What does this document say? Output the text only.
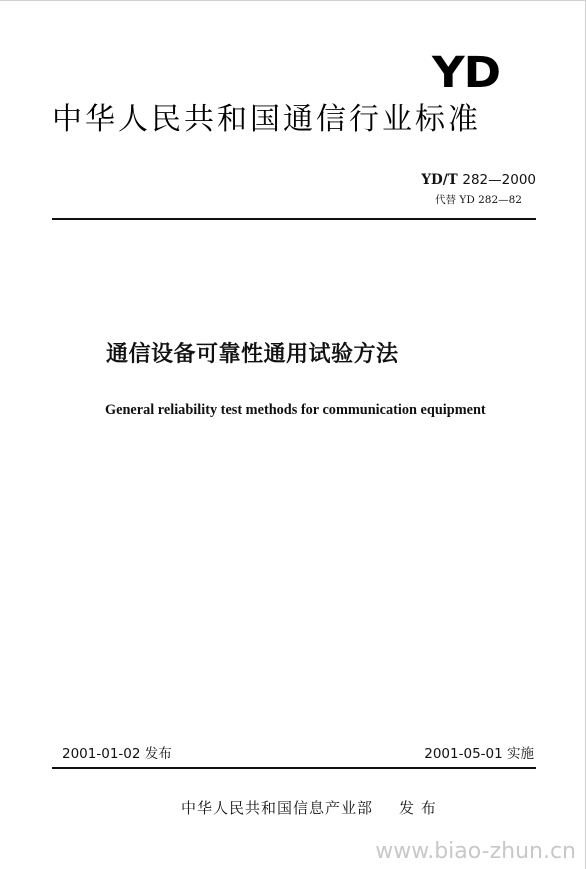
YD
中华人民共和国通信行业标准
YD/T 282—2000
代替 YD 282—82
通信设备可靠性通用试验方法
General reliability test methods for communication equipment
2001-01-02 发布	2001-05-01 实施
中华人民共和国信息产业部 发 布
www.biao-zhun.cn
